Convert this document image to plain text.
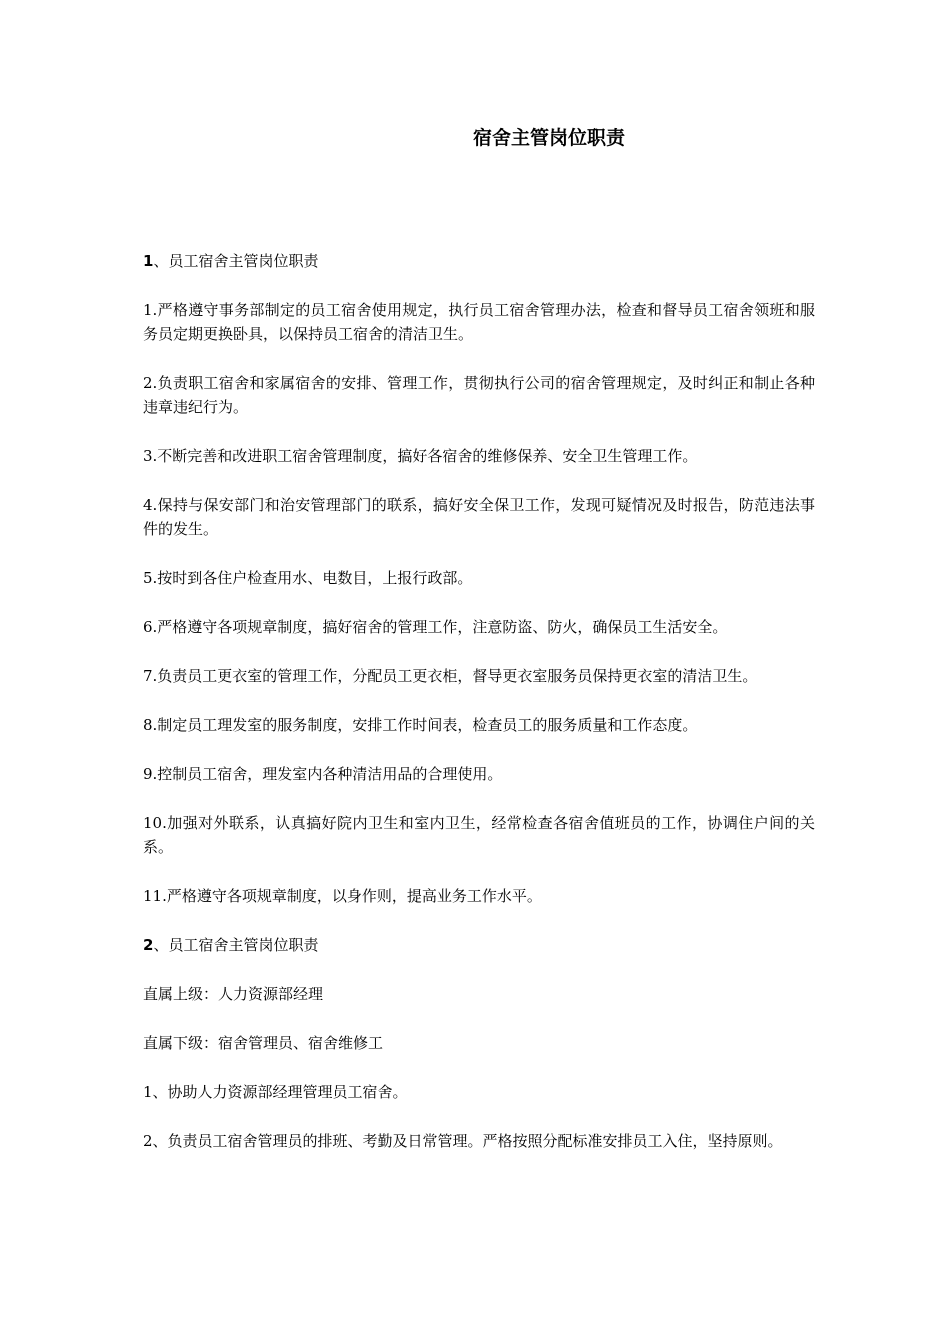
宿舍主管岗位职责

1、员工宿舍主管岗位职责

1.严格遵守事务部制定的员工宿舍使用规定，执行员工宿舍管理办法，检查和督导员工宿舍领班和服务员定期更换卧具，以保持员工宿舍的清洁卫生。

2.负责职工宿舍和家属宿舍的安排、管理工作，贯彻执行公司的宿舍管理规定，及时纠正和制止各种违章违纪行为。

3.不断完善和改进职工宿舍管理制度，搞好各宿舍的维修保养、安全卫生管理工作。

4.保持与保安部门和治安管理部门的联系，搞好安全保卫工作，发现可疑情况及时报告，防范违法事件的发生。

5.按时到各住户检查用水、电数目，上报行政部。

6.严格遵守各项规章制度，搞好宿舍的管理工作，注意防盗、防火，确保员工生活安全。

7.负责员工更衣室的管理工作，分配员工更衣柜，督导更衣室服务员保持更衣室的清洁卫生。

8.制定员工理发室的服务制度，安排工作时间表，检查员工的服务质量和工作态度。

9.控制员工宿舍，理发室内各种清洁用品的合理使用。

10.加强对外联系，认真搞好院内卫生和室内卫生，经常检查各宿舍值班员的工作，协调住户间的关系。

11.严格遵守各项规章制度，以身作则，提高业务工作水平。

2、员工宿舍主管岗位职责

直属上级：人力资源部经理

直属下级：宿舍管理员、宿舍维修工

1、协助人力资源部经理管理员工宿舍。

2、负责员工宿舍管理员的排班、考勤及日常管理。严格按照分配标准安排员工入住，坚持原则。
